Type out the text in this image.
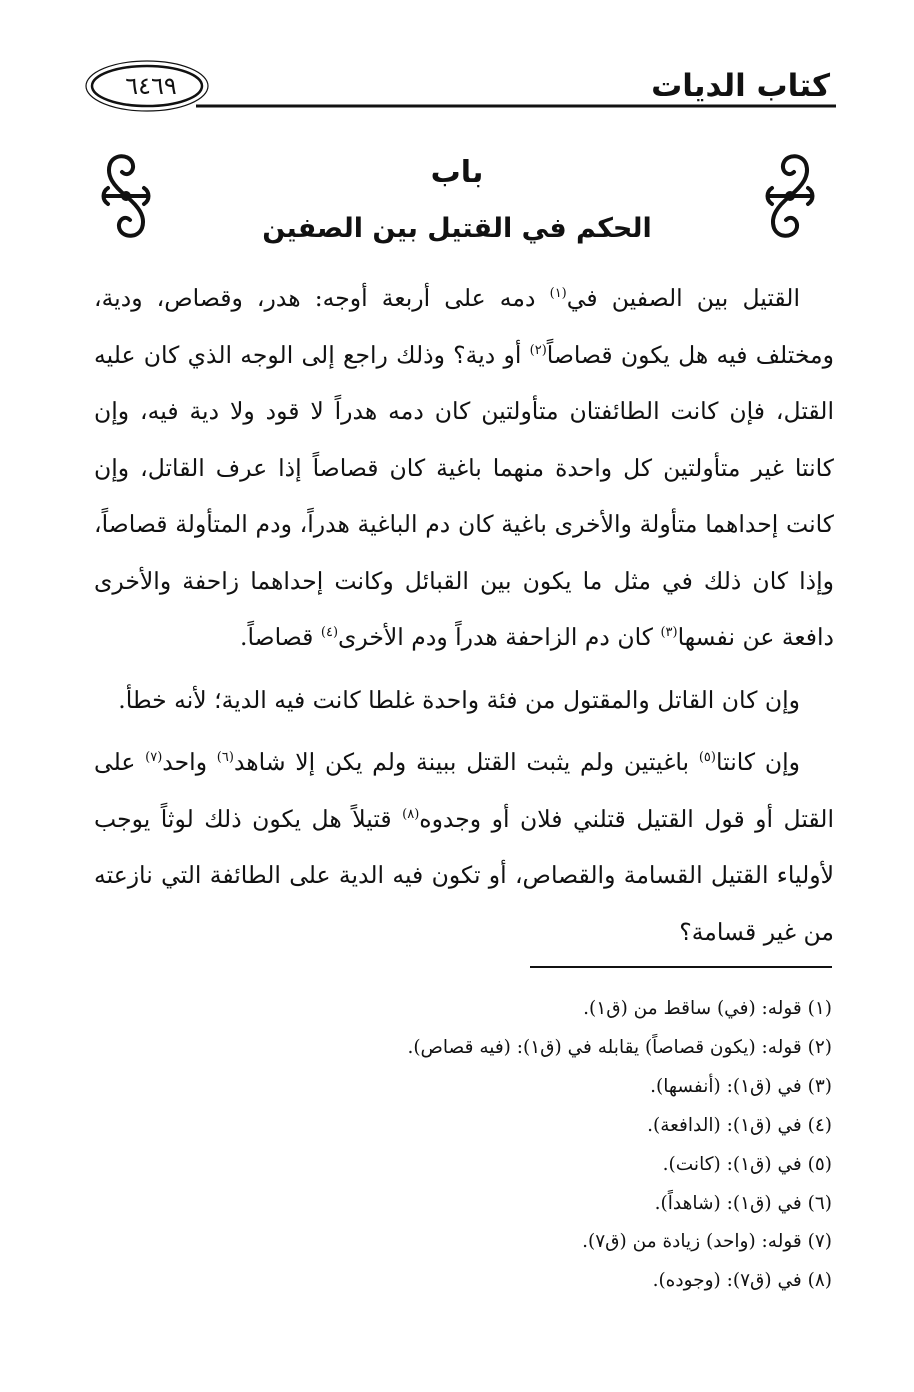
كتاب الديات
٦٤٦٩
باب
الحكم في القتيل بين الصفين

القتيل بين الصفين في$^{(١)}$ دمه على أربعة أوجه: هدر، وقصاص، ودية، ومختلف فيه هل يكون قصاصاً$^{(٢)}$ أو دية؟ وذلك راجع إلى الوجه الذي كان عليه القتل، فإن كانت الطائفتان متأولتين كان دمه هدراً لا قود ولا دية فيه، وإن كانتا غير متأولتين كل واحدة منهما باغية كان قصاصاً إذا عرف القاتل، وإن كانت إحداهما متأولة والأخرى باغية كان دم الباغية هدراً، ودم المتأولة قصاصاً، وإذا كان ذلك في مثل ما يكون بين القبائل وكانت إحداهما زاحفة والأخرى دافعة عن نفسها$^{(٣)}$ كان دم الزاحفة هدراً ودم الأخرى$^{(٤)}$ قصاصاً.

وإن كان القاتل والمقتول من فئة واحدة غلطا كانت فيه الدية؛ لأنه خطأ.

وإن كانتا$^{(٥)}$ باغيتين ولم يثبت القتل ببينة ولم يكن إلا شاهد$^{(٦)}$ واحد$^{(٧)}$ على القتل أو قول القتيل قتلني فلان أو وجدوه$^{(٨)}$ قتيلاً هل يكون ذلك لوثاً يوجب لأولياء القتيل القسامة والقصاص، أو تكون فيه الدية على الطائفة التي نازعته من غير قسامة؟

(١) قوله: (في) ساقط من (ق١).
(٢) قوله: (يكون قصاصاً) يقابله في (ق١): (فيه قصاص).
(٣) في (ق١): (أنفسها).
(٤) في (ق١): (الدافعة).
(٥) في (ق١): (كانت).
(٦) في (ق١): (شاهداً).
(٧) قوله: (واحد) زيادة من (ق٧).
(٨) في (ق٧): (وجوده).
